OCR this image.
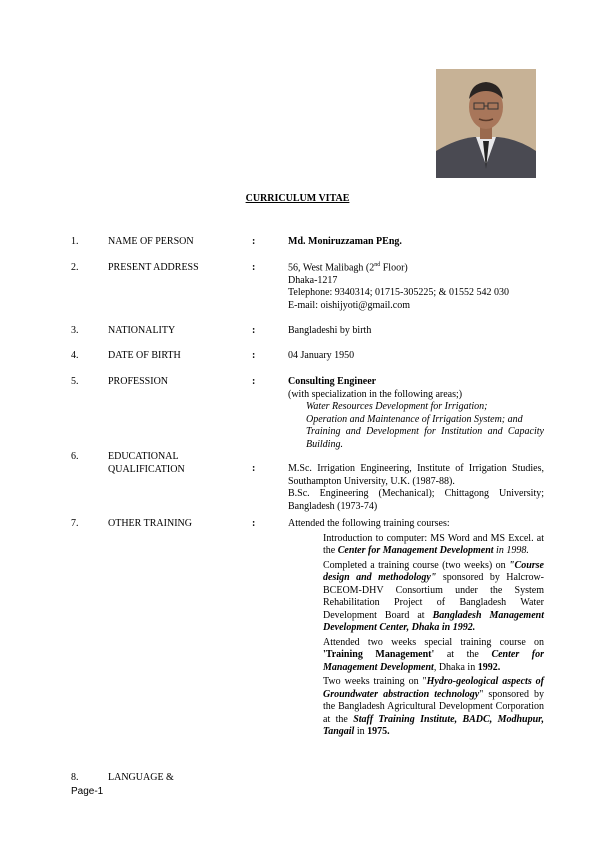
CURRICULUM VITAE
1.	NAME OF PERSON	:	Md. Moniruzzaman PEng.
2.	PRESENT ADDRESS	:	56, West Malibagh (2nd Floor)
Dhaka-1217
Telephone: 9340314; 01715-305225; & 01552 542 030
E-mail: oishijyoti@gmail.com
3.	NATIONALITY	:	Bangladeshi by birth
4.	DATE OF BIRTH	:	04 January 1950
5.	PROFESSION	:	Consulting Engineer
(with specialization in the following areas;)
Water Resources Development for Irrigation;
Operation and Maintenance of Irrigation System; and
Training and Development for Institution and Capacity Building.
6.	EDUCATIONAL
QUALIFICATION	:	M.Sc. Irrigation Engineering, Institute of Irrigation Studies, Southampton University, U.K. (1987-88).
B.Sc. Engineering (Mechanical); Chittagong University; Bangladesh (1973-74)
7.	OTHER TRAINING	:	Attended the following training courses:
Introduction to computer: MS Word and MS Excel. at the Center for Management Development in 1998.
Completed a training course (two weeks) on "Course design and methodology" sponsored by Halcrow-BCEOM-DHV Consortium under the System Rehabilitation Project of Bangladesh Water Development Board at Bangladesh Management Development Center, Dhaka in 1992.
Attended two weeks special training course on 'Training Management' at the Center for Management Development, Dhaka in 1992.
Two weeks training on "Hydro-geological aspects of Groundwater abstraction technology" sponsored by the Bangladesh Agricultural Development Corporation at the Staff Training Institute, BADC, Modhupur, Tangail in 1975.
8.	LANGUAGE &
Page-1
